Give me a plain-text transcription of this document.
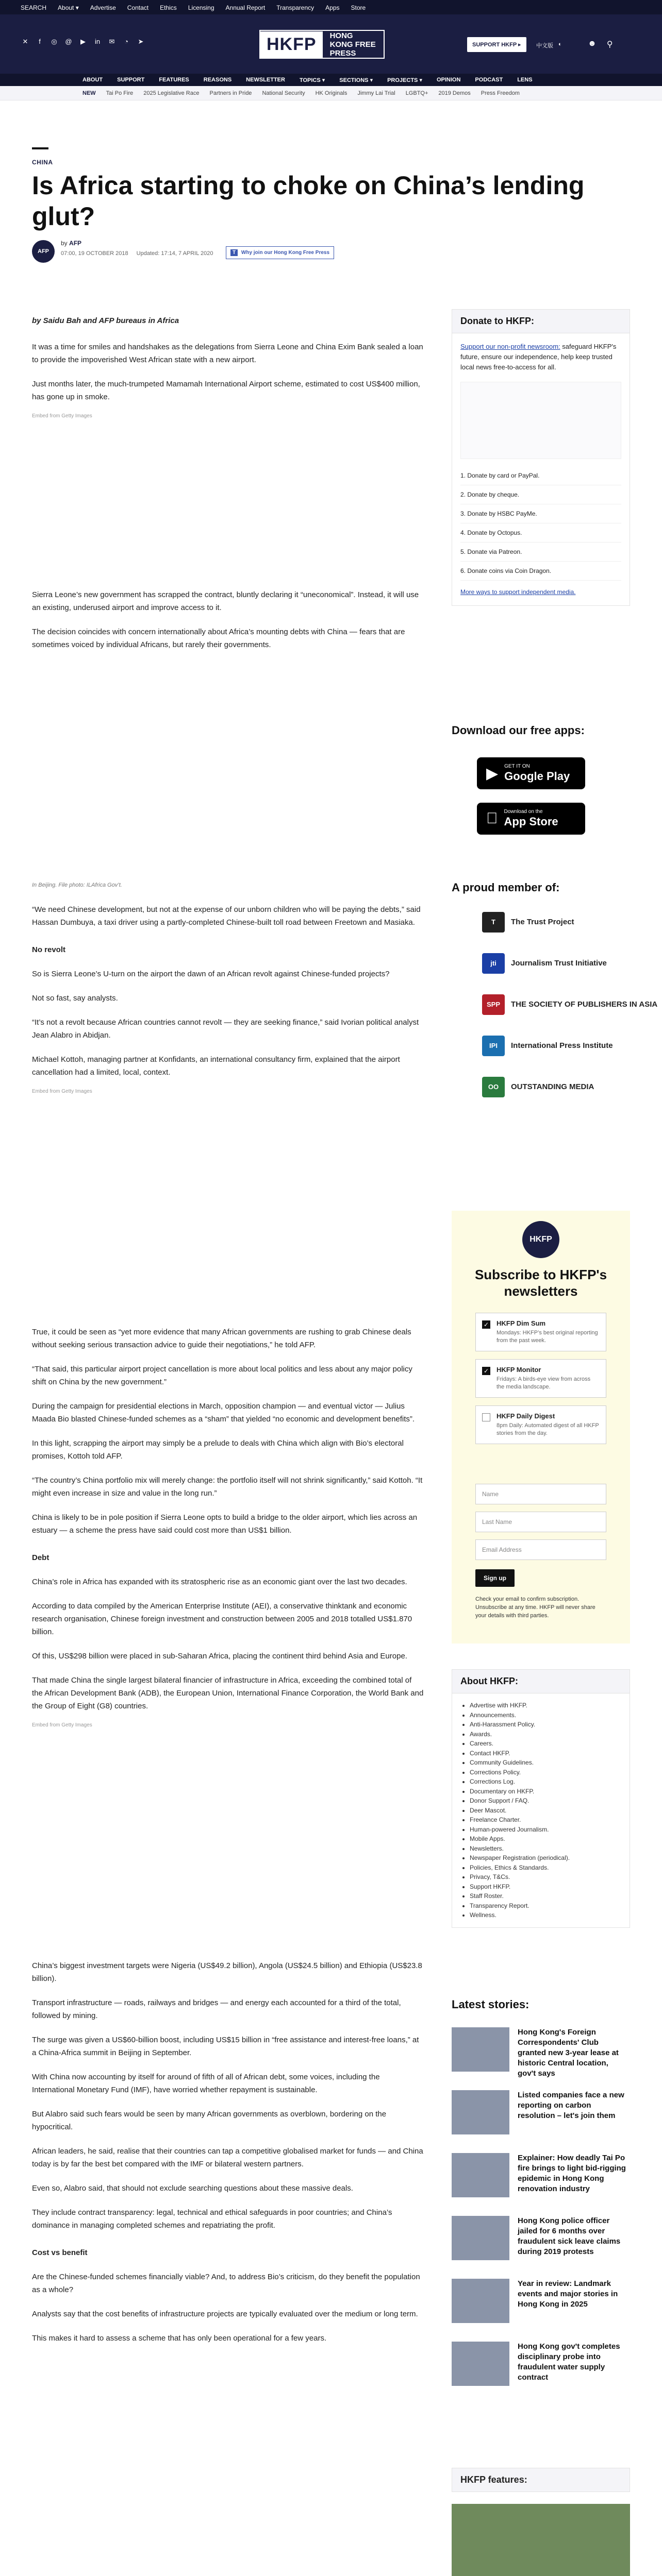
SEARCH About ▾ Advertise Contact Ethics Licensing Annual Report Transparency Apps Store
✕	f	◎ @	▶	in	✉	◔	➤	HKFP	HONG KONG FREE PRESS
SUPPORT HKFP ▸	中文版 ◐	☻ ⚲
ABOUT	SUPPORT	FEATURES	REASONS	NEWSLETTER	TOPICS ▾	SECTIONS ▾	PROJECTS ▾	OPINION	PODCAST	LENS
NEW Tai Po Fire 2025 Legislative Race Partners in Pride National Security HK Originals Jimmy Lai Trial LGBTQ+ 2019 Demos Press Freedom
CHINA
Is Africa starting to choke on China’s lending glut?
AFP
by AFP
07:00, 19 OCTOBER 2018 Updated: 17:14, 7 APRIL 2020	T Why join our Hong Kong Free Press

by Saidu Bah and AFP bureaus in Africa

It was a time for smiles and handshakes as the delegations from Sierra Leone and China Exim Bank sealed a loan to provide the impoverished West African state with a new airport.

Just months later, the much-trumpeted Mamamah International Airport scheme, estimated to cost US$400 million, has gone up in smoke.

Embed from Getty Images

Sierra Leone’s new government has scrapped the contract, bluntly declaring it “uneconomical”. Instead, it will use an existing, underused airport and improve access to it.

The decision coincides with concern internationally about Africa’s mounting debts with China — fears that are sometimes voiced by individual Africans, but rarely their governments.

In Beijing. File photo: ILAfrica Gov’t.

“We need Chinese development, but not at the expense of our unborn children who will be paying the debts,” said Hassan Dumbuya, a taxi driver using a partly-completed Chinese-built toll road between Freetown and Masiaka.

No revolt

So is Sierra Leone’s U-turn on the airport the dawn of an African revolt against Chinese-funded projects?

Not so fast, say analysts.

“It’s not a revolt because African countries cannot revolt — they are seeking finance,” said Ivorian political analyst Jean Alabro in Abidjan.

Michael Kottoh, managing partner at Konfidants, an international consultancy firm, explained that the airport cancellation had a limited, local, context.

Embed from Getty Images

True, it could be seen as “yet more evidence that many African governments are rushing to grab Chinese deals without seeking serious transaction advice to guide their negotiations,” he told AFP.

“That said, this particular airport project cancellation is more about local politics and less about any major policy shift on China by the new government.”

During the campaign for presidential elections in March, opposition champion — and eventual victor — Julius Maada Bio blasted Chinese-funded schemes as a “sham” that yielded “no economic and development benefits”.

In this light, scrapping the airport may simply be a prelude to deals with China which align with Bio’s electoral promises, Kottoh told AFP.

“The country’s China portfolio mix will merely change: the portfolio itself will not shrink significantly,” said Kottoh. “It might even increase in size and value in the long run.”

China is likely to be in pole position if Sierra Leone opts to build a bridge to the older airport, which lies across an estuary — a scheme the press have said could cost more than US$1 billion.

Debt

China’s role in Africa has expanded with its stratospheric rise as an economic giant over the last two decades.

According to data compiled by the American Enterprise Institute (AEI), a conservative thinktank and economic research organisation, Chinese foreign investment and construction between 2005 and 2018 totalled US$1.870 billion.

Of this, US$298 billion were placed in sub-Saharan Africa, placing the continent third behind Asia and Europe.

That made China the single largest bilateral financier of infrastructure in Africa, exceeding the combined total of the African Development Bank (ADB), the European Union, International Finance Corporation, the World Bank and the Group of Eight (G8) countries.

Embed from Getty Images

China’s biggest investment targets were Nigeria (US$49.2 billion), Angola (US$24.5 billion) and Ethiopia (US$23.8 billion).

Transport infrastructure — roads, railways and bridges — and energy each accounted for a third of the total, followed by mining.

The surge was given a US$60-billion boost, including US$15 billion in “free assistance and interest-free loans,” at a China-Africa summit in Beijing in September.

With China now accounting by itself for around of fifth of all of African debt, some voices, including the International Monetary Fund (IMF), have worried whether repayment is sustainable.

But Alabro said such fears would be seen by many African governments as overblown, bordering on the hypocritical.

African leaders, he said, realise that their countries can tap a competitive globalised market for funds — and China today is by far the best bet compared with the IMF or bilateral western partners.

Even so, Alabro said, that should not exclude searching questions about these massive deals.

They include contract transparency: legal, technical and ethical safeguards in poor countries; and China’s dominance in managing completed schemes and repatriating the profit.

Cost vs benefit

Are the Chinese-funded schemes financially viable? And, to address Bio’s criticism, do they benefit the population as a whole?

Analysts say that the cost benefits of infrastructure projects are typically evaluated over the medium or long term.

This makes it hard to assess a scheme that has only been operational for a few years.

Donate to HKFP:
Support our non-profit newsroom: safeguard HKFP's future, ensure our independence, help keep trusted local news free-to-access for all.
1. Donate by card or PayPal.
2. Donate by cheque.
3. Donate by HSBC PayMe.
4. Donate by Octopus.
5. Donate via Patreon.
6. Donate coins via Coin Dragon.
More ways to support independent media.
Download our free apps:
▶ GET IT ON
Google Play
Download on the
App Store
A proud member of:
T	The Trust Project
jti	Journalism Trust Initiative
SPP	THE SOCIETY OF PUBLISHERS IN ASIA
IPI	International Press Institute
OO	OUTSTANDING MEDIA
HKFP
Subscribe to HKFP's newsletters
✓ HKFP Dim Sum
Mondays: HKFP’s best original reporting from the past week.
✓ HKFP Monitor
Fridays: A birds-eye view from across the media landscape.
HKFP Daily Digest
8pm Daily: Automated digest of all HKFP stories from the day.
Name
Last Name
Email Address
Sign up
Check your email to confirm subscription. Unsubscribe at any time. HKFP will never share your details with third parties.
About HKFP:
• Advertise with HKFP.
• Announcements.
• Anti-Harassment Policy.
• Awards.
• Careers.
• Contact HKFP.
• Community Guidelines.
• Corrections Policy.
• Corrections Log.
• Documentary on HKFP.
• Donor Support / FAQ.
• Deer Mascot.
• Freelance Charter.
• Human-powered Journalism.
• Mobile Apps.
• Newsletters.
• Newspaper Registration (periodical).
• Policies, Ethics & Standards.
• Privacy, T&Cs.
• Support HKFP.
• Staff Roster.
• Transparency Report.
• Wellness.
Latest stories:
Hong Kong's Foreign Correspondents' Club granted new 3-year lease at historic Central location, gov't says
Listed companies face a new reporting on carbon resolution – let's join them
Explainer: How deadly Tai Po fire brings to light bid-rigging epidemic in Hong Kong renovation industry
Hong Kong police officer jailed for 6 months over fraudulent sick leave claims during 2019 protests
Year in review: Landmark events and major stories in Hong Kong in 2025
Hong Kong gov't completes disciplinary probe into fraudulent water supply contract
HKFP features:
